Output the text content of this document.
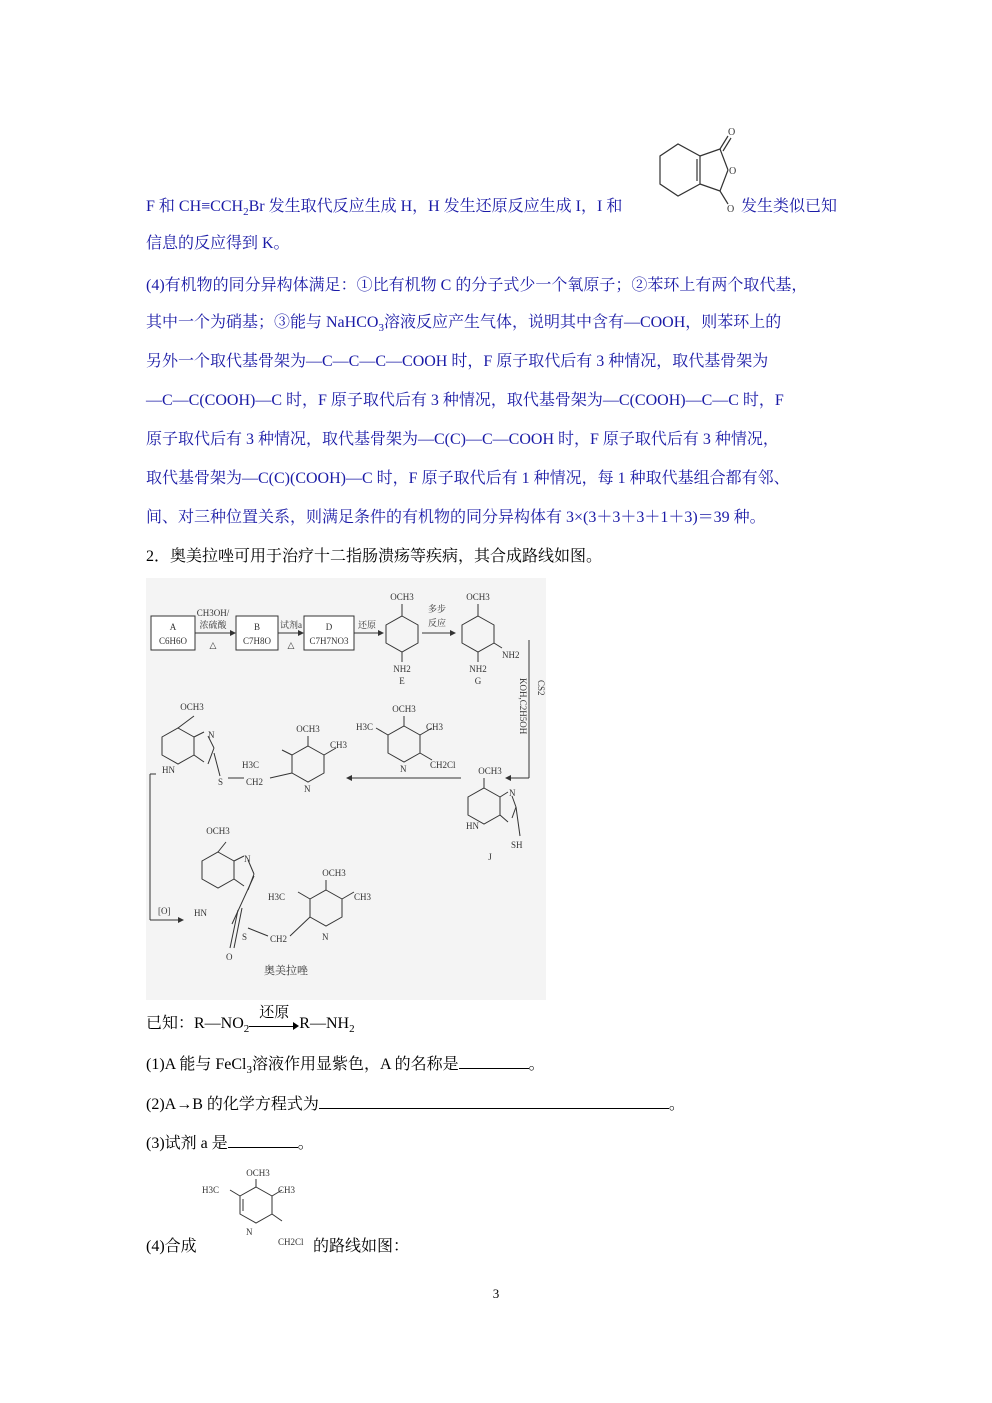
F 和 $CH\equiv CCH_2Br$ 发生取代反应生成 H，H 发生还原反应生成 I，I 和	发生类似已知
信息的反应得到 K。
(4)有机物的同分异构体满足：①比有机物 C 的分子式少一个氧原子；②苯环上有两个取代基，
其中一个为硝基；③能与 NaHCO$_3$溶液反应产生气体，说明其中含有—COOH，则苯环上的
另外一个取代基骨架为—C—C—C—COOH 时，F 原子取代后有 3 种情况，取代基骨架为
—C—C(COOH)—C 时，F 原子取代后有 3 种情况，取代基骨架为—C(COOH)—C—C 时，F
原子取代后有 3 种情况，取代基骨架为—C(C)—C—COOH 时，F 原子取代后有 3 种情况，
取代基骨架为—C(C)(COOH)—C 时，F 原子取代后有 1 种情况，每 1 种取代基组合都有邻、
间、对三种位置关系，则满足条件的有机物的同分异构体有 3×(3＋3＋3＋1＋3)＝39 种。
O
O
O
2．奥美拉唑可用于治疗十二指肠溃疡等疾病，其合成路线如图。
A
C6H6O
CH3OH/
浓硫酸
△
B
C7H8O
试剂a
△
D
C7H7NO3
还原
OCH3
NH2
E
多步
反应
OCH3
NH2
NH2
G	CS2
KOH,C2H5OH
OCH3
H3C	CH3
N	CH2Cl
OCH3
N
HN
SH
J
OCH3
N
HN
S	CH2
OCH3
H3C
CH3
N
[O]
OCH3
N
HN
S
O
CH2
OCH3
H3C	CH3
N
奥美拉唑
已知：$R—NO_2$
还原
$R—NH_2$
(1)A 能与 FeCl$_3$溶液作用显紫色，A 的名称是	。
(2)A→B 的化学方程式为	。
(3)试剂 a 是	。
OCH3
H3C	CH3
N
CH2Cl
(4)合成	的路线如图：
3
